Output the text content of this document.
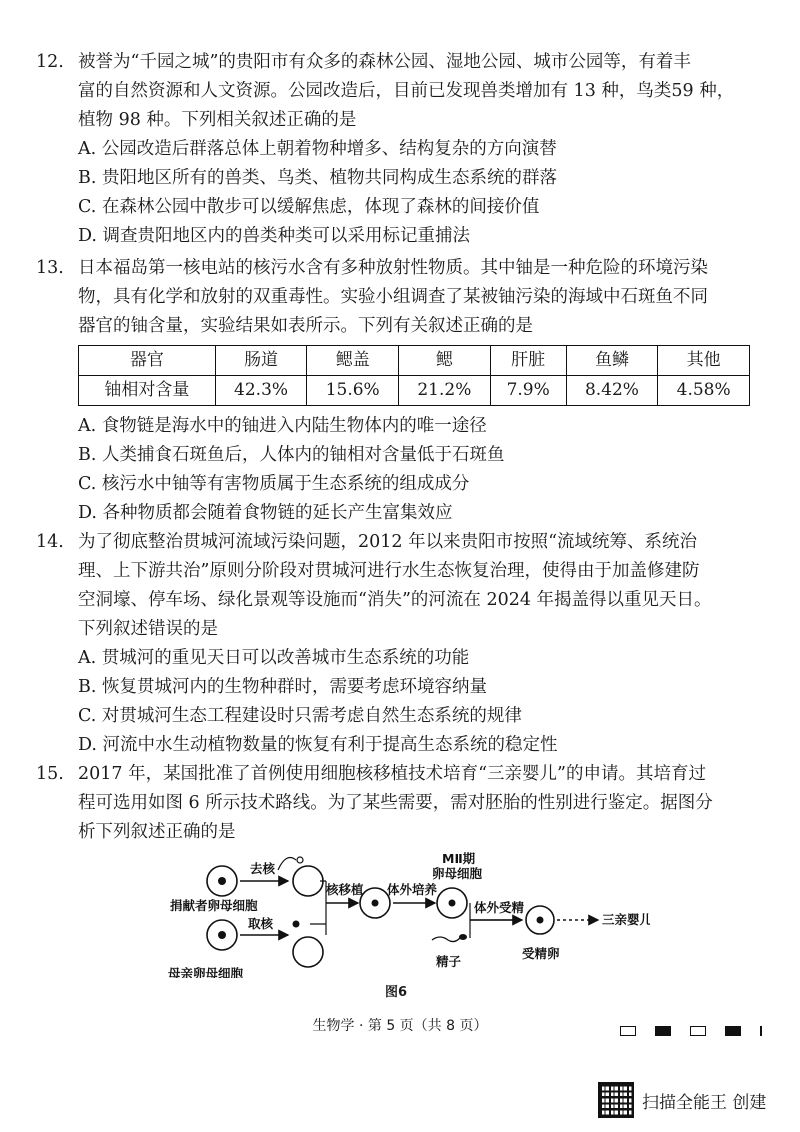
12. 被誉为“千园之城”的贵阳市有众多的森林公园、湿地公园、城市公园等，有着丰
富的自然资源和人文资源。公园改造后，目前已发现兽类增加有 13 种，鸟类59 种，
植物 98 种。下列相关叙述正确的是
A. 公园改造后群落总体上朝着物种增多、结构复杂的方向演替
B. 贵阳地区所有的兽类、鸟类、植物共同构成生态系统的群落
C. 在森林公园中散步可以缓解焦虑，体现了森林的间接价值
D. 调查贵阳地区内的兽类种类可以采用标记重捕法
13. 日本福岛第一核电站的核污水含有多种放射性物质。其中铀是一种危险的环境污染
物，具有化学和放射的双重毒性。实验小组调查了某被铀污染的海域中石斑鱼不同
器官的铀含量，实验结果如表所示。下列有关叙述正确的是
器官	肠道	鳃盖	鳃	肝脏	鱼鳞	其他
铀相对含量	42.3%	15.6%	21.2%	7.9%	8.42%	4.58%
A. 食物链是海水中的铀进入内陆生物体内的唯一途径
B. 人类捕食石斑鱼后，人体内的铀相对含量低于石斑鱼
C. 核污水中铀等有害物质属于生态系统的组成成分
D. 各种物质都会随着食物链的延长产生富集效应
14. 为了彻底整治贯城河流域污染问题，2012 年以来贵阳市按照“流域统筹、系统治
理、上下游共治”原则分阶段对贯城河进行水生态恢复治理，使得由于加盖修建防
空洞壕、停车场、绿化景观等设施而“消失”的河流在 2024 年揭盖得以重见天日。
下列叙述错误的是
A. 贯城河的重见天日可以改善城市生态系统的功能
B. 恢复贯城河内的生物种群时，需要考虑环境容纳量
C. 对贯城河生态工程建设时只需考虑自然生态系统的规律
D. 河流中水生动植物数量的恢复有利于提高生态系统的稳定性
15. 2017 年，某国批准了首例使用细胞核移植技术培育“三亲婴儿”的申请。其培育过
程可选用如图 6 所示技术路线。为了某些需要，需对胚胎的性别进行鉴定。据图分
析下列叙述正确的是
去核
捐献者卵母细胞
取核
母亲卵母细胞
核移植 体外培养
MⅡ期
卵母细胞
体外受精
精子
受精卵
三亲婴儿
图6
生物学 · 第 5 页（共 8 页）

扫描全能王 创建
